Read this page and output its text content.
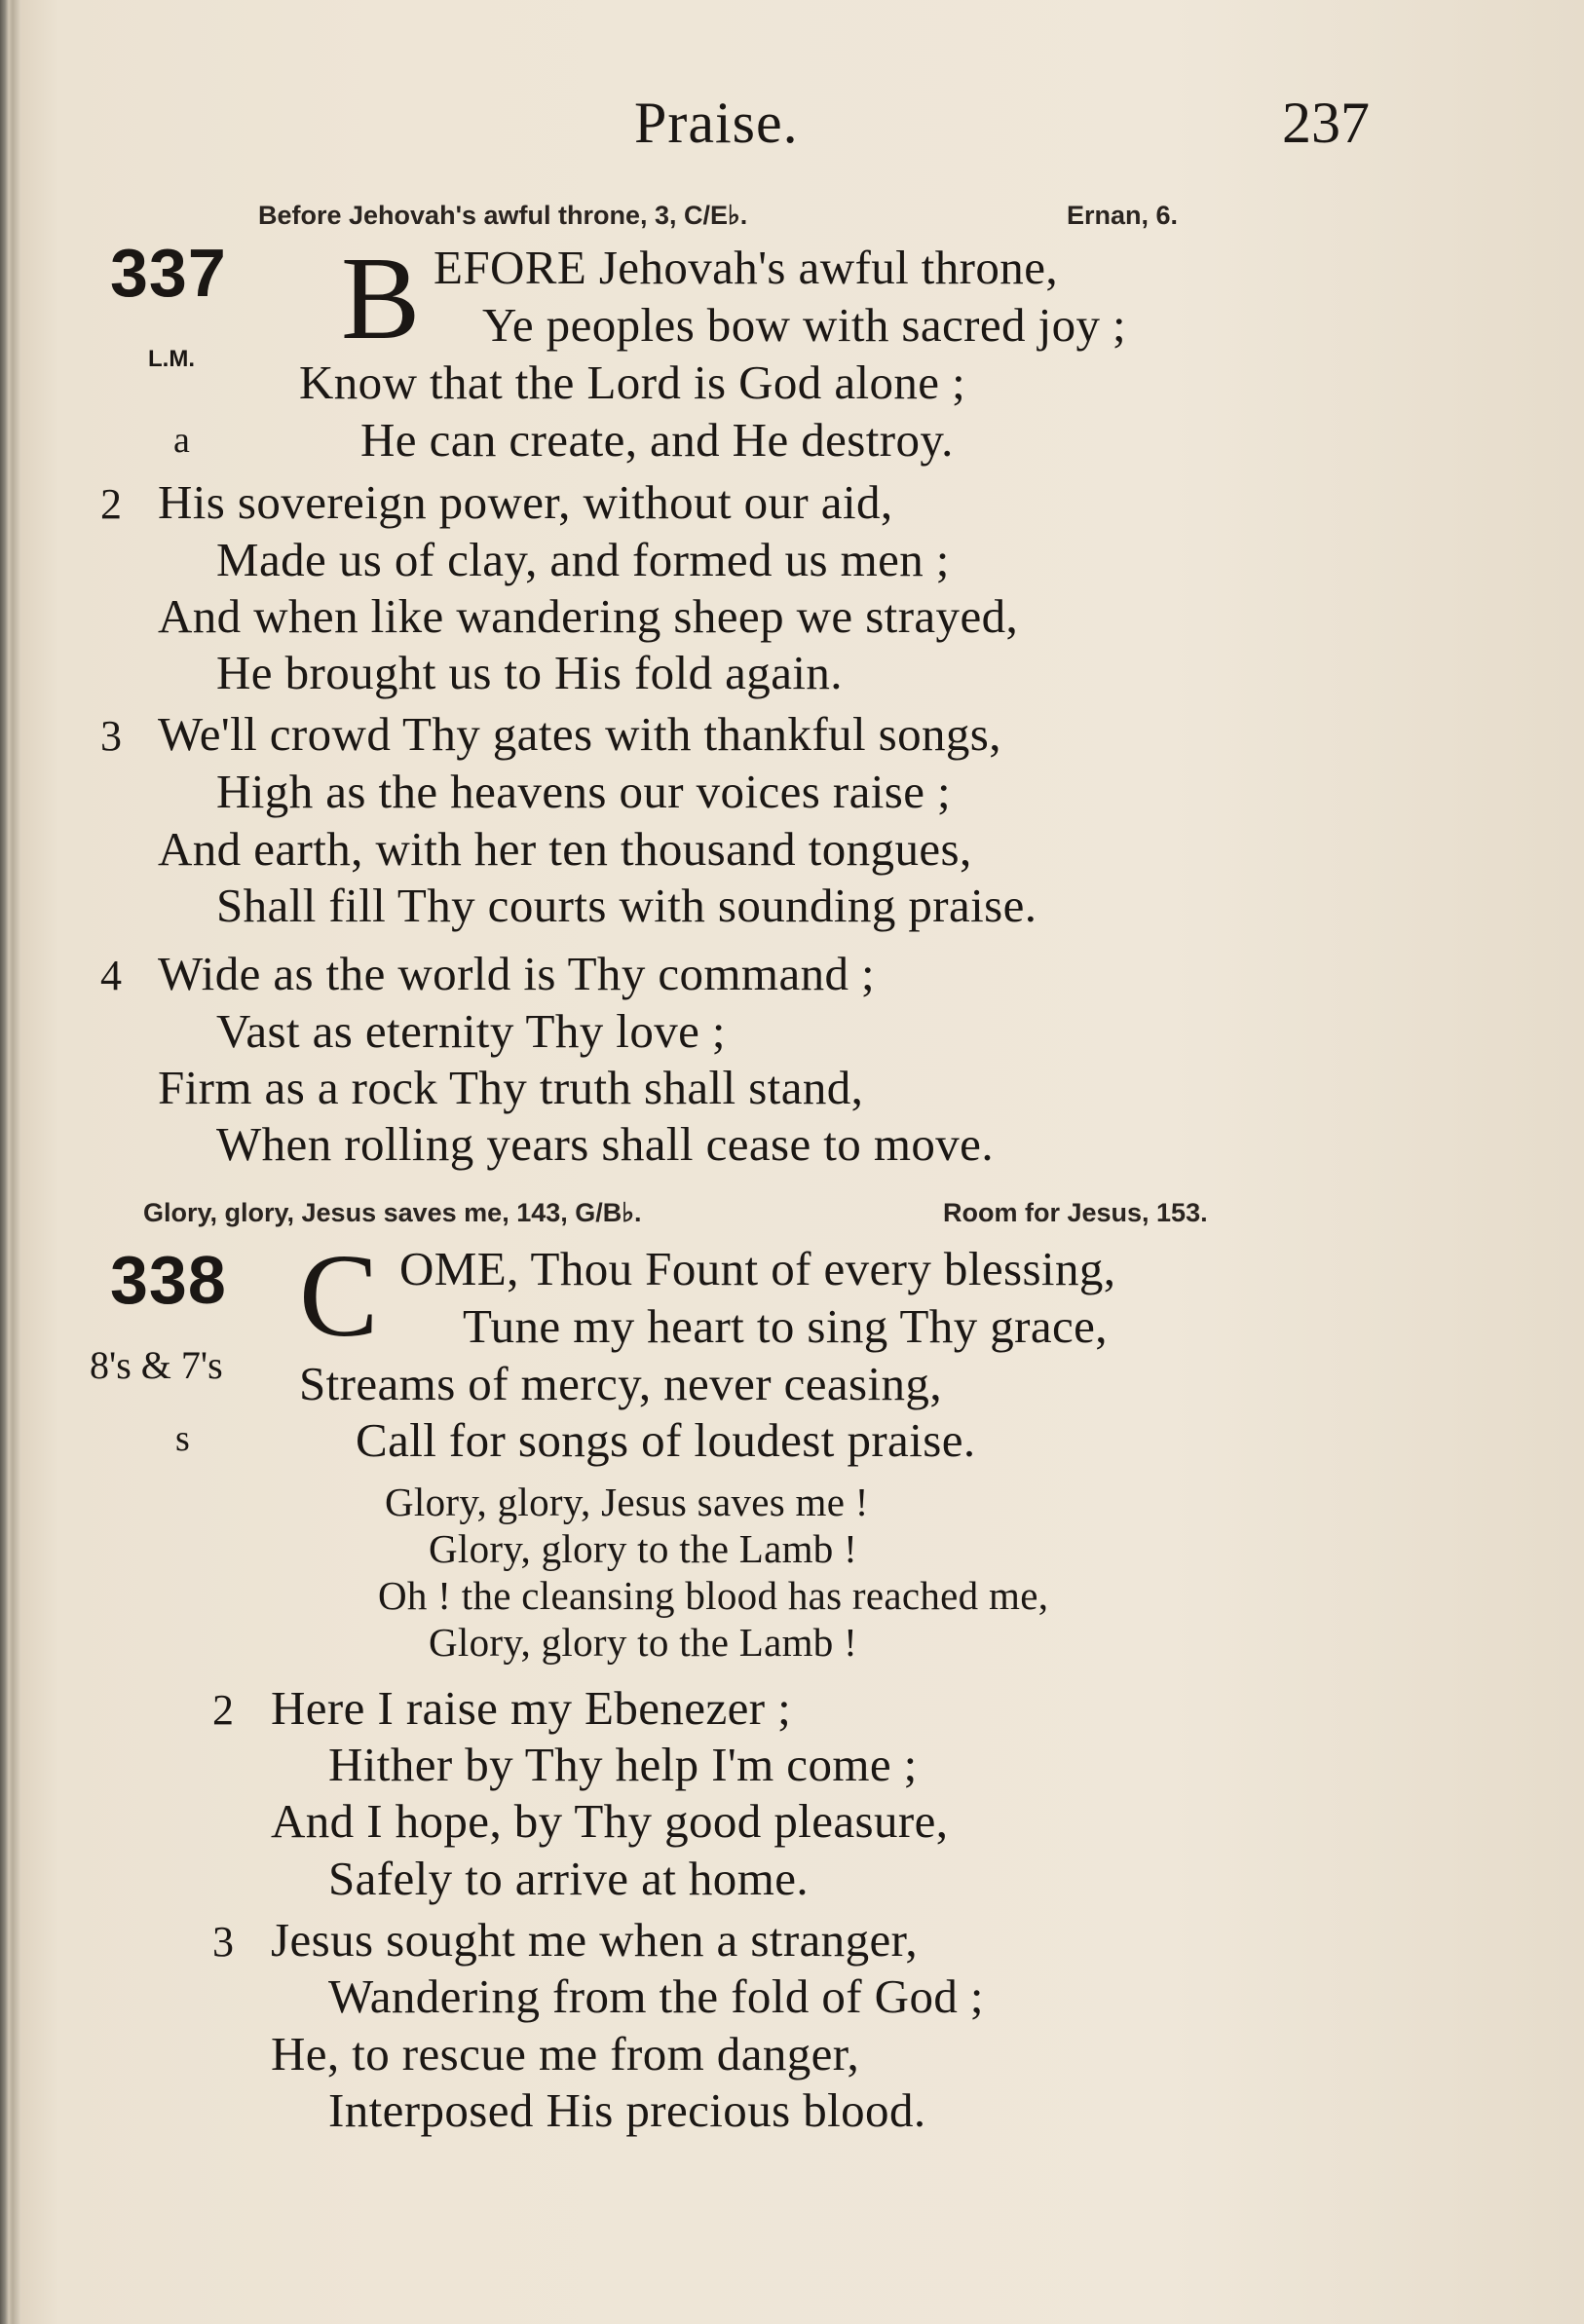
Praise.	237
Before Jehovah's awful throne, 3, C/E♭.	Ernan, 6.
337
L.M.
a
B EFORE Jehovah's awful throne,
Ye peoples bow with sacred joy ;
Know that the Lord is God alone ;
He can create, and He destroy.
2 His sovereign power, without our aid,
Made us of clay, and formed us men ;
And when like wandering sheep we strayed,
He brought us to His fold again.
3 We'll crowd Thy gates with thankful songs,
High as the heavens our voices raise ;
And earth, with her ten thousand tongues,
Shall fill Thy courts with sounding praise.
4 Wide as the world is Thy command ;
Vast as eternity Thy love ;
Firm as a rock Thy truth shall stand,
When rolling years shall cease to move.
Glory, glory, Jesus saves me, 143, G/B♭.	Room for Jesus, 153.
338
8's & 7's
s
C OME, Thou Fount of every blessing,
Tune my heart to sing Thy grace,
Streams of mercy, never ceasing,
Call for songs of loudest praise.
Glory, glory, Jesus saves me !
Glory, glory to the Lamb !
Oh ! the cleansing blood has reached me,
Glory, glory to the Lamb !
2 Here I raise my Ebenezer ;
Hither by Thy help I'm come ;
And I hope, by Thy good pleasure,
Safely to arrive at home.
3 Jesus sought me when a stranger,
Wandering from the fold of God ;
He, to rescue me from danger,
Interposed His precious blood.
